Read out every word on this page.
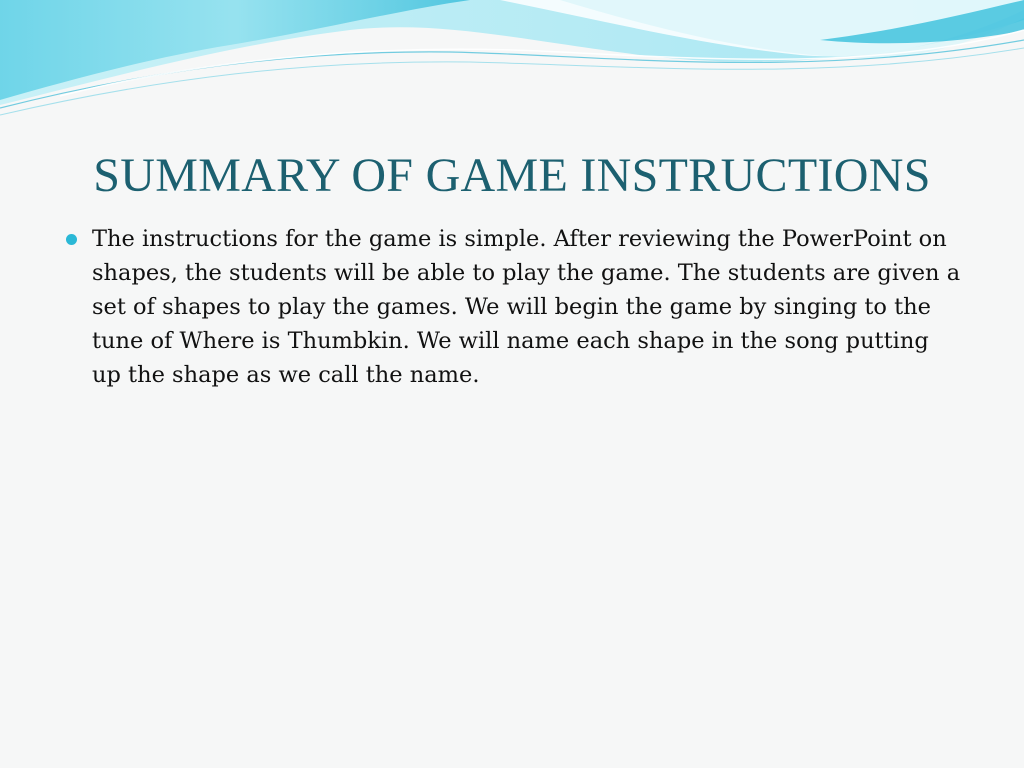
SUMMARY OF GAME INSTRUCTIONS

The instructions for the game is simple. After reviewing the PowerPoint on shapes, the students will be able to play the game. The students are given a set of shapes to play the games. We will begin the game by singing to the tune of Where is Thumbkin. We will name each shape in the song putting up the shape as we call the name.
